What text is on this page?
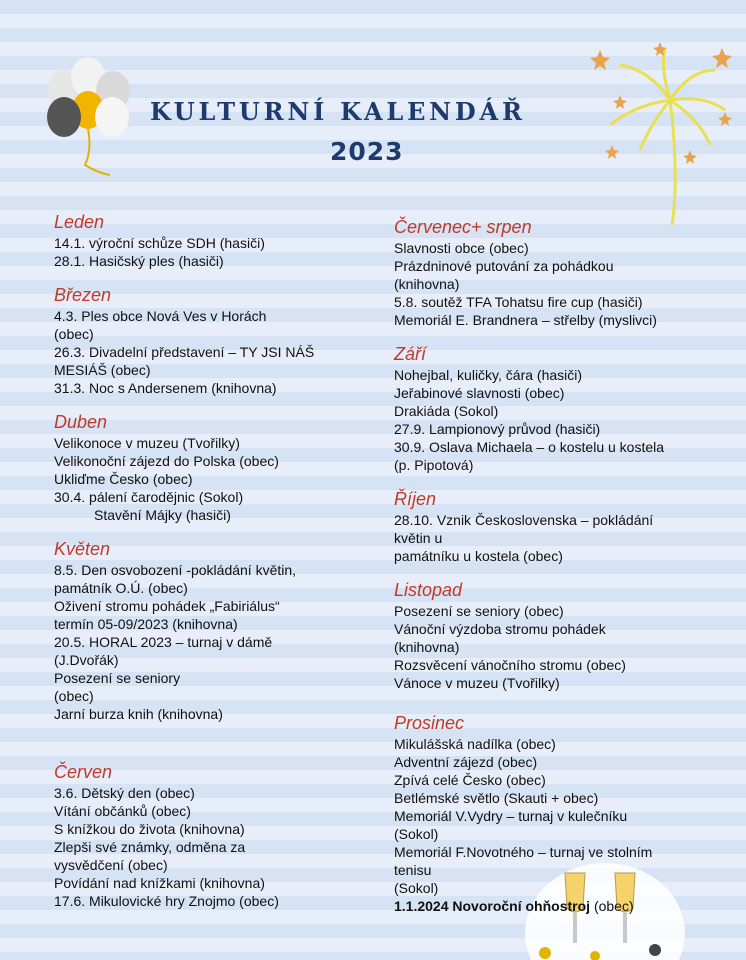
KULTURNÍ KALENDÁŘ
2023
Leden
14.1. výroční schůze SDH (hasiči)
28.1. Hasičský ples (hasiči)
Březen
4.3. Ples obce Nová Ves v Horách
(obec)
26.3. Divadelní představení – TY JSI NÁŠ
MESIÁŠ (obec)
31.3. Noc s Andersenem (knihovna)
Duben
Velikonoce v muzeu (Tvořilky)
Velikonoční zájezd do Polska (obec)
Ukliďme Česko (obec)
30.4. pálení čarodějnic (Sokol)
Stavění Májky (hasiči)
Květen
8.5. Den osvobození -pokládání květin,
památník O.Ú. (obec)
Oživení stromu pohádek „Fabiriálus“
termín 05-09/2023 (knihovna)
20.5. HORAL 2023 – turnaj v dámě
(J.Dvořák)
Posezení se seniory
(obec)
Jarní burza knih (knihovna)
Červen
3.6. Dětský den (obec)
Vítání občánků (obec)
S knížkou do života (knihovna)
Zlepši své známky, odměna za
vysvědčení (obec)
Povídání nad knížkami (knihovna)
17.6. Mikulovické hry Znojmo (obec)
Červenec+ srpen
Slavnosti obce (obec)
Prázdninové putování za pohádkou
(knihovna)
5.8. soutěž TFA Tohatsu fire cup (hasiči)
Memoriál E. Brandnera – střelby (myslivci)
Září
Nohejbal, kuličky, čára (hasiči)
Jeřabinové slavnosti (obec)
Drakiáda (Sokol)
27.9. Lampionový průvod (hasiči)
30.9. Oslava Michaela – o kostelu u kostela
(p. Pipotová)
Říjen
28.10. Vznik Československa – pokládání
květin u
památníku u kostela (obec)
Listopad
Posezení se seniory (obec)
Vánoční výzdoba stromu pohádek
(knihovna)
Rozsvěcení vánočního stromu (obec)
Vánoce v muzeu (Tvořilky)
Prosinec
Mikulášská nadílka (obec)
Adventní zájezd (obec)
Zpívá celé Česko (obec)
Betlémské světlo (Skauti + obec)
Memoriál V.Vydry – turnaj v kulečníku
(Sokol)
Memoriál F.Novotného – turnaj ve stolním
tenisu
(Sokol)
1.1.2024 Novoroční ohňostroj (obec)
